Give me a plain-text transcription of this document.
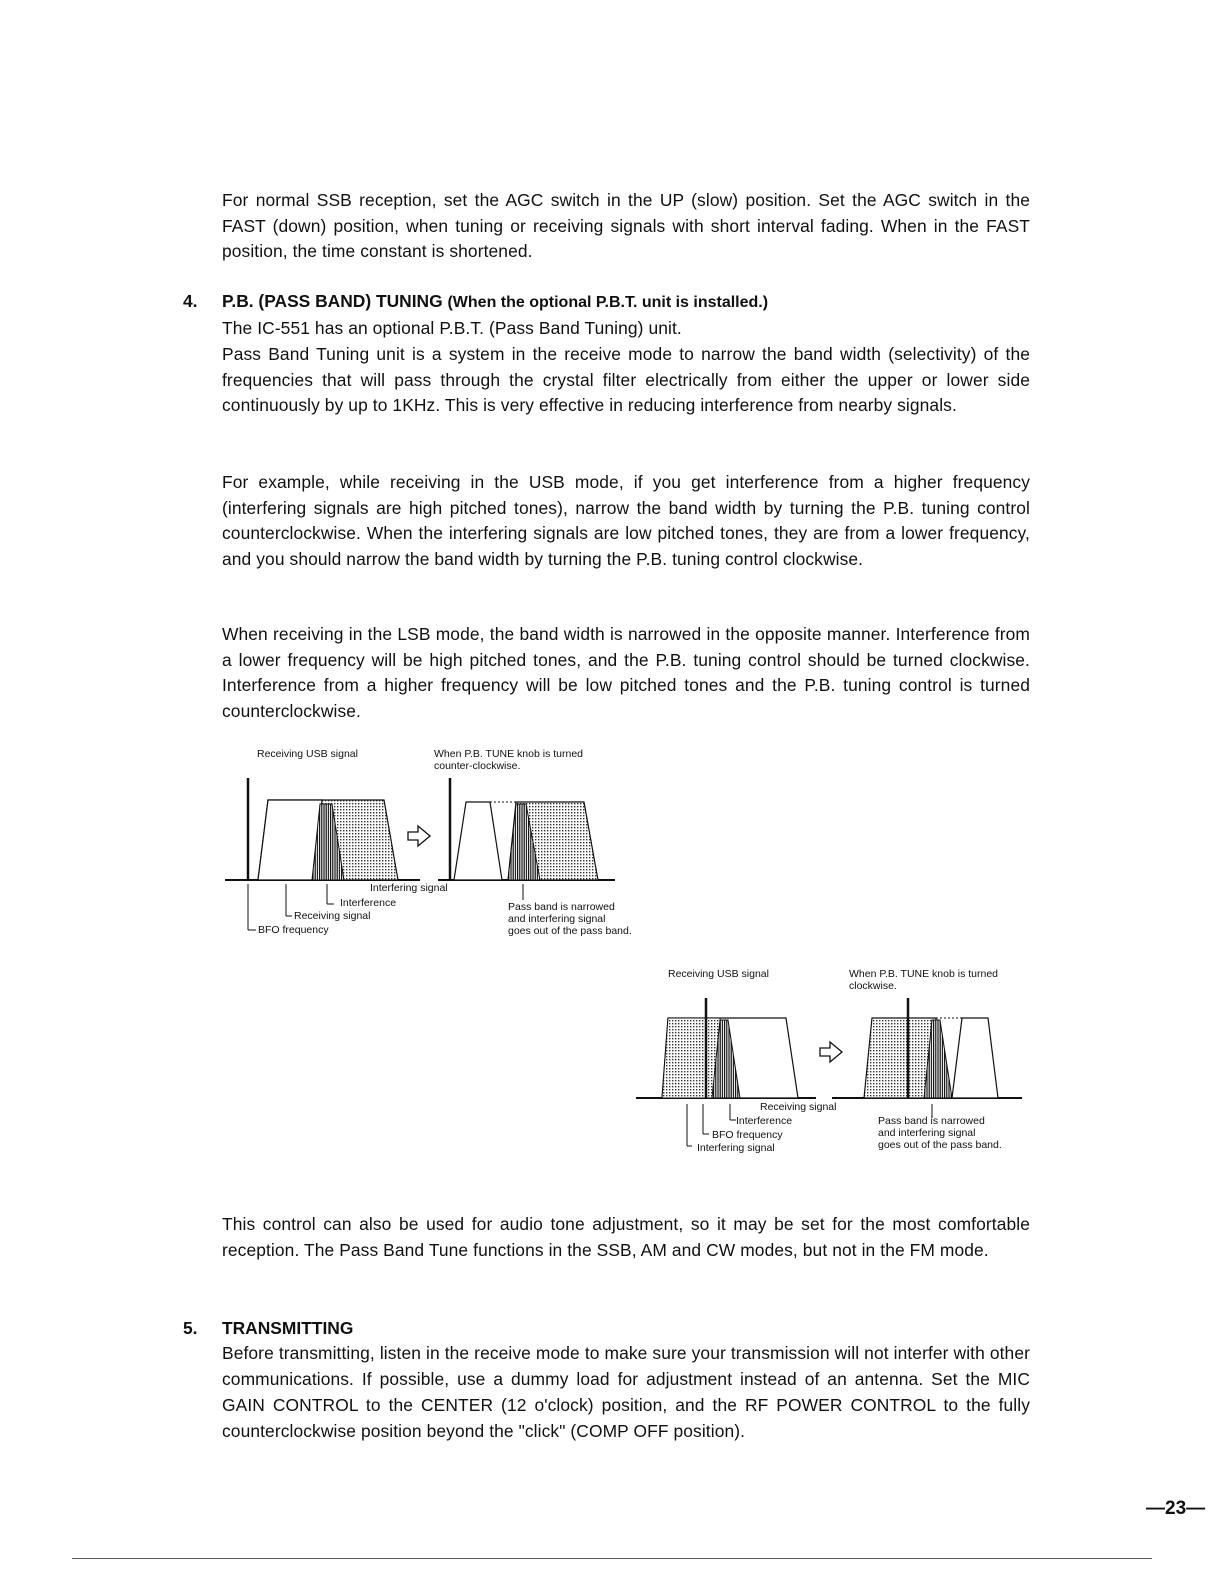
For normal SSB reception, set the AGC switch in the UP (slow) position. Set the AGC switch in the FAST (down) position, when tuning or receiving signals with short interval fading. When in the FAST position, the time constant is shortened.

4. P.B. (PASS BAND) TUNING (When the optional P.B.T. unit is installed.)

The IC-551 has an optional P.B.T. (Pass Band Tuning) unit.

Pass Band Tuning unit is a system in the receive mode to narrow the band width (selectivity) of the frequencies that will pass through the crystal filter electrically from either the upper or lower side continuously by up to 1KHz. This is very effective in reducing interference from nearby signals.

For example, while receiving in the USB mode, if you get interference from a higher frequency (interfering signals are high pitched tones), narrow the band width by turning the P.B. tuning control counterclockwise. When the interfering signals are low pitched tones, they are from a lower frequency, and you should narrow the band width by turning the P.B. tuning control clockwise.

When receiving in the LSB mode, the band width is narrowed in the opposite manner. Interference from a lower frequency will be high pitched tones, and the P.B. tuning control should be turned clockwise. Interference from a higher frequency will be low pitched tones and the P.B. tuning control is turned counterclockwise.

Receiving USB signal	When P.B. TUNE knob is turned

counter-clockwise.

Interfering signal

Interference

Receiving signal

BFO frequency

Pass band is narrowed

and interfering signal

goes out of the pass band.

Receiving USB signal	When P.B. TUNE knob is turned

clockwise.

Receiving signal

Interference

BFO frequency

Interfering signal

Pass band is narrowed

and interfering signal

goes out of the pass band.

This control can also be used for audio tone adjustment, so it may be set for the most comfortable reception. The Pass Band Tune functions in the SSB, AM and CW modes, but not in the FM mode.

5. TRANSMITTING

Before transmitting, listen in the receive mode to make sure your transmission will not interfer with other communications. If possible, use a dummy load for adjustment instead of an antenna. Set the MIC GAIN CONTROL to the CENTER (12 o'clock) position, and the RF POWER CONTROL to the fully counterclockwise position beyond the "click" (COMP OFF position).

—23—
